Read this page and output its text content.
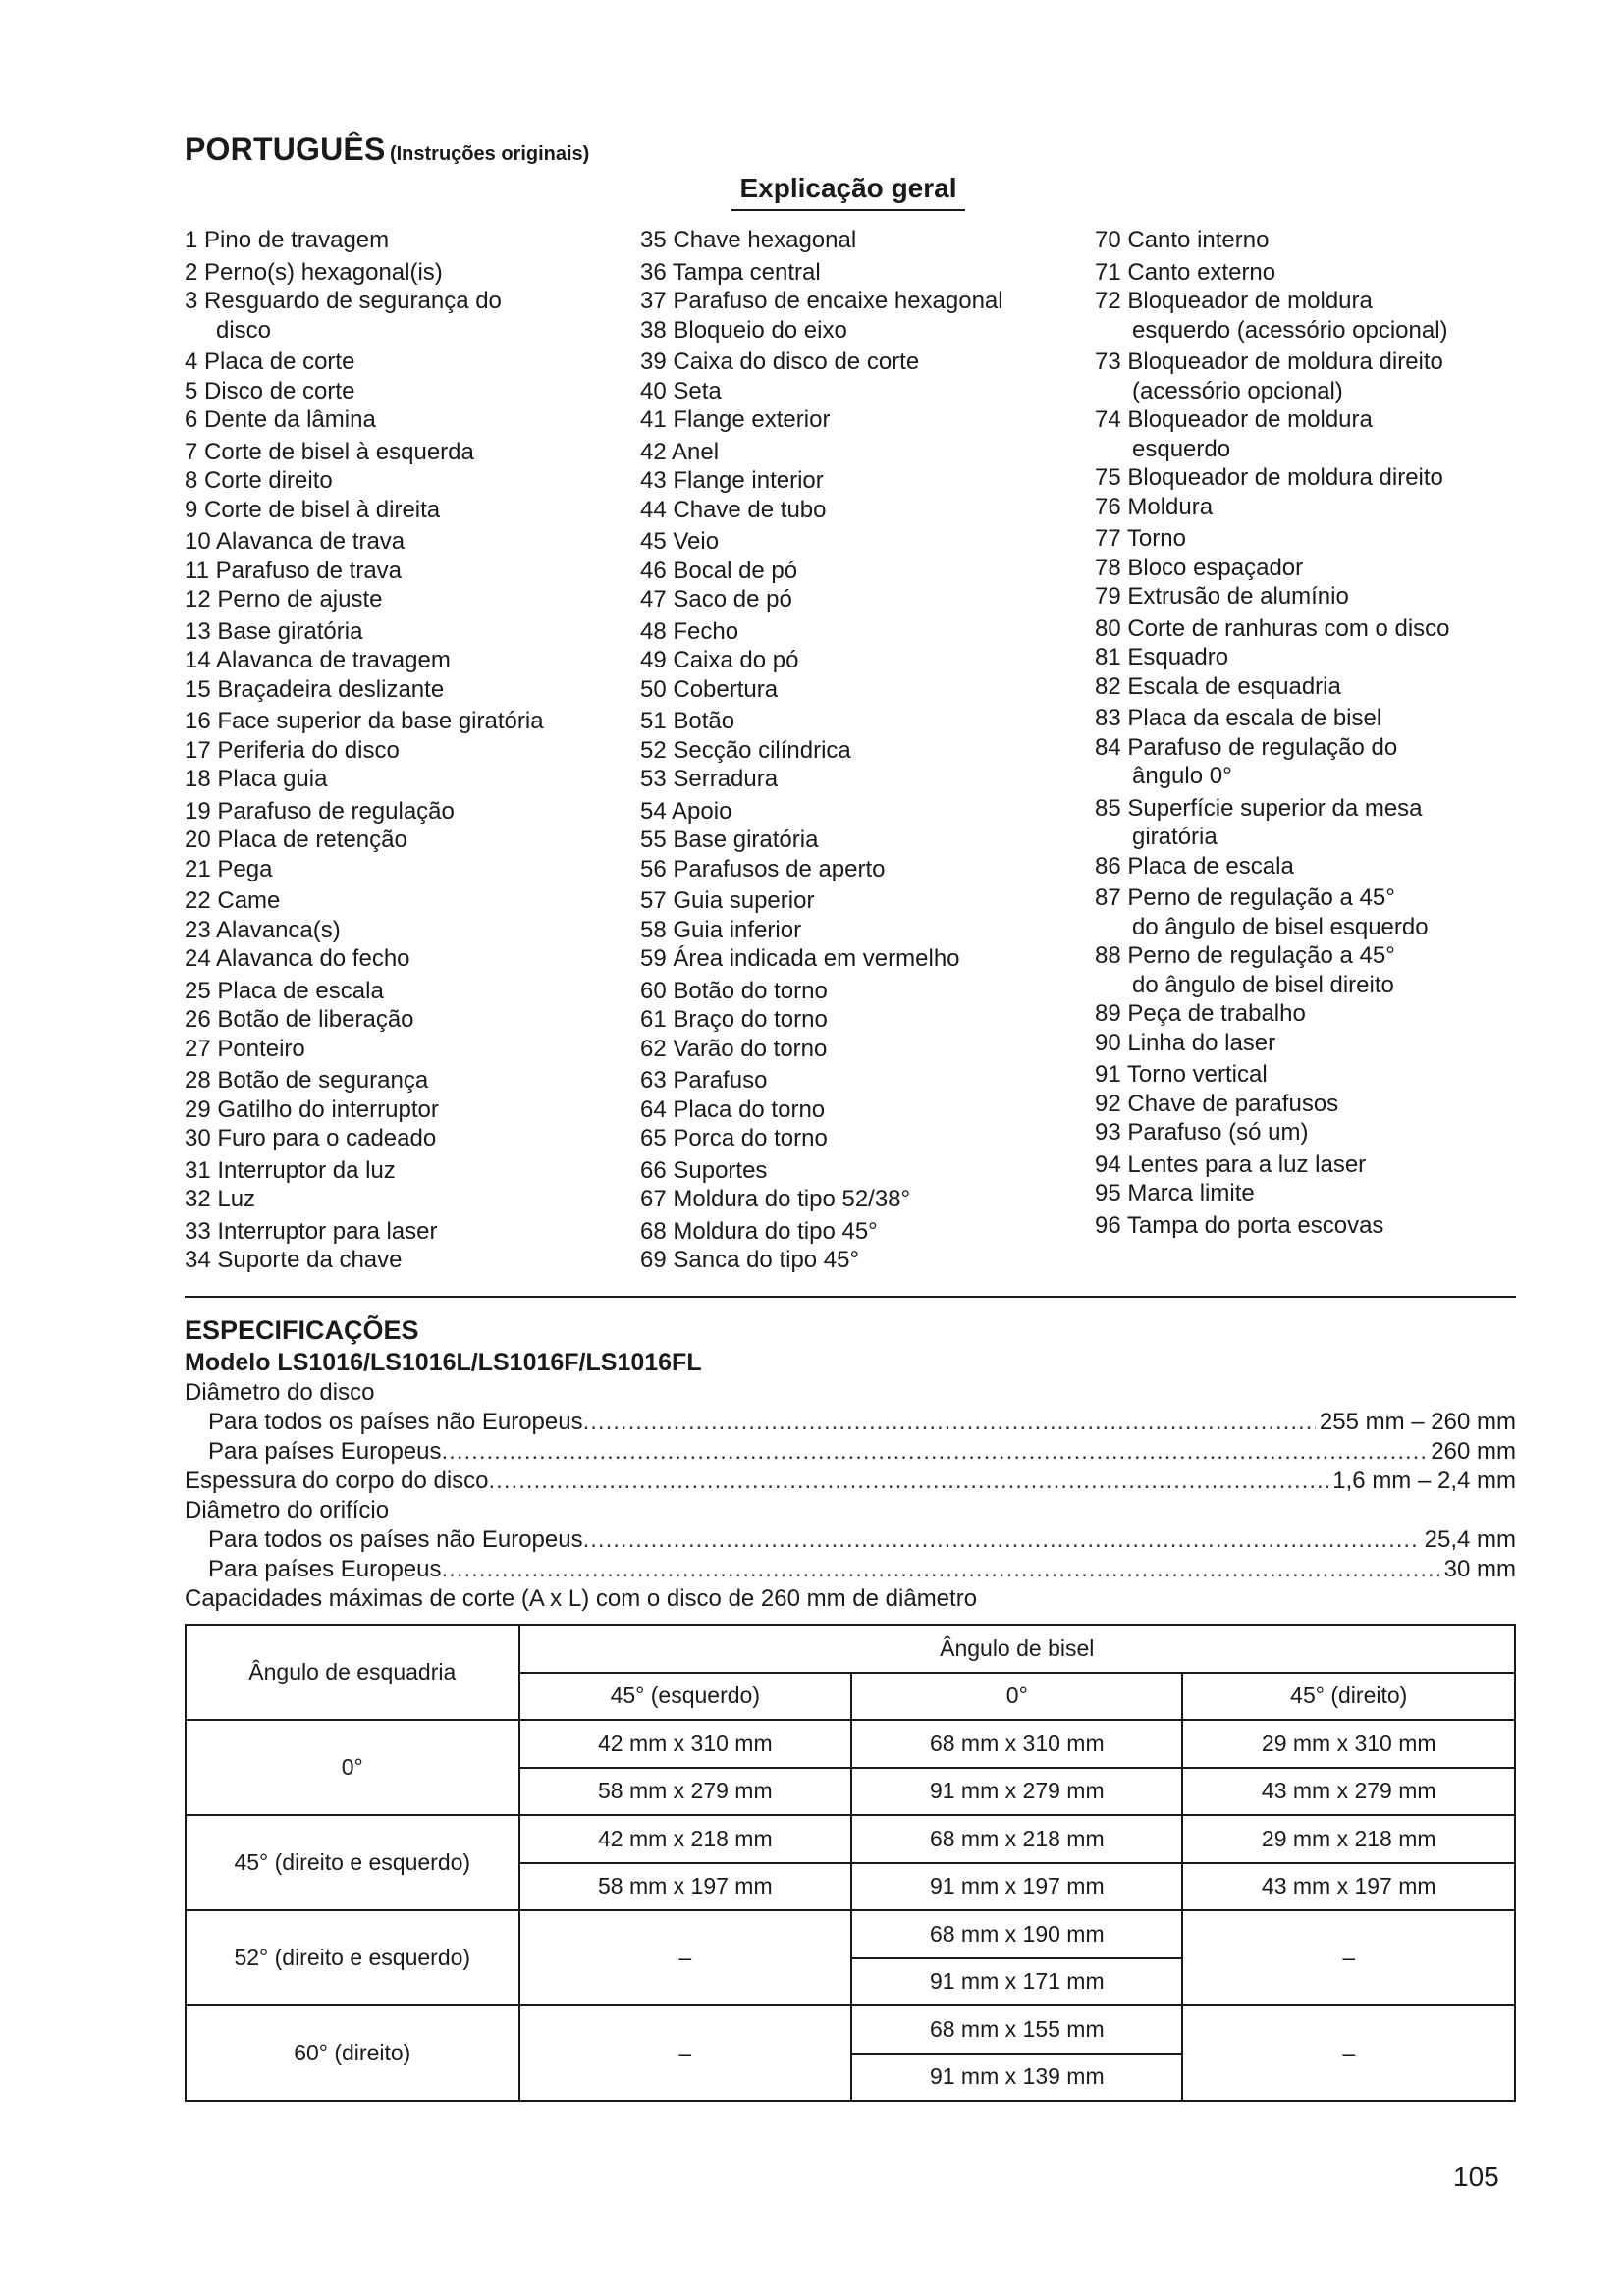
PORTUGUÊS (Instruções originais)
Explicação geral
1 Pino de travagem
2 Perno(s) hexagonal(is)
3 Resguardo de segurança do
disco
4 Placa de corte
5 Disco de corte
6 Dente da lâmina
7 Corte de bisel à esquerda
8 Corte direito
9 Corte de bisel à direita
10 Alavanca de trava
11 Parafuso de trava
12 Perno de ajuste
13 Base giratória
14 Alavanca de travagem
15 Braçadeira deslizante
16 Face superior da base giratória
17 Periferia do disco
18 Placa guia
19 Parafuso de regulação
20 Placa de retenção
21 Pega
22 Came
23 Alavanca(s)
24 Alavanca do fecho
25 Placa de escala
26 Botão de liberação
27 Ponteiro
28 Botão de segurança
29 Gatilho do interruptor
30 Furo para o cadeado
31 Interruptor da luz
32 Luz
33 Interruptor para laser
34 Suporte da chave
35 Chave hexagonal
36 Tampa central
37 Parafuso de encaixe hexagonal
38 Bloqueio do eixo
39 Caixa do disco de corte
40 Seta
41 Flange exterior
42 Anel
43 Flange interior
44 Chave de tubo
45 Veio
46 Bocal de pó
47 Saco de pó
48 Fecho
49 Caixa do pó
50 Cobertura
51 Botão
52 Secção cilíndrica
53 Serradura
54 Apoio
55 Base giratória
56 Parafusos de aperto
57 Guia superior
58 Guia inferior
59 Área indicada em vermelho
60 Botão do torno
61 Braço do torno
62 Varão do torno
63 Parafuso
64 Placa do torno
65 Porca do torno
66 Suportes
67 Moldura do tipo 52/38°
68 Moldura do tipo 45°
69 Sanca do tipo 45°
70 Canto interno
71 Canto externo
72 Bloqueador de moldura
esquerdo (acessório opcional)
73 Bloqueador de moldura direito
(acessório opcional)
74 Bloqueador de moldura
esquerdo
75 Bloqueador de moldura direito
76 Moldura
77 Torno
78 Bloco espaçador
79 Extrusão de alumínio
80 Corte de ranhuras com o disco
81 Esquadro
82 Escala de esquadria
83 Placa da escala de bisel
84 Parafuso de regulação do
ângulo 0°
85 Superfície superior da mesa
giratória
86 Placa de escala
87 Perno de regulação a 45°
do ângulo de bisel esquerdo
88 Perno de regulação a 45°
do ângulo de bisel direito
89 Peça de trabalho
90 Linha do laser
91 Torno vertical
92 Chave de parafusos
93 Parafuso (só um)
94 Lentes para a luz laser
95 Marca limite
96 Tampa do porta escovas
ESPECIFICAÇÕES
Modelo LS1016/LS1016L/LS1016F/LS1016FL
Diâmetro do disco
Para todos os países não Europeus .....	255 mm – 260 mm
Para países Europeus .....	260 mm
Espessura do corpo do disco .....	1,6 mm – 2,4 mm
Diâmetro do orifício
Para todos os países não Europeus .....	25,4 mm
Para países Europeus .....	30 mm
Capacidades máximas de corte (A x L) com o disco de 260 mm de diâmetro
Ângulo de esquadria	Ângulo de bisel		
	45° (esquerdo)	0°	45° (direito)
0°	42 mm x 310 mm	68 mm x 310 mm	29 mm x 310 mm
	58 mm x 279 mm	91 mm x 279 mm	43 mm x 279 mm
45° (direito e esquerdo)	42 mm x 218 mm	68 mm x 218 mm	29 mm x 218 mm
	58 mm x 197 mm	91 mm x 197 mm	43 mm x 197 mm
52° (direito e esquerdo)	–	68 mm x 190 mm	–
		91 mm x 171 mm	
60° (direito)	–	68 mm x 155 mm	–
		91 mm x 139 mm	
105
